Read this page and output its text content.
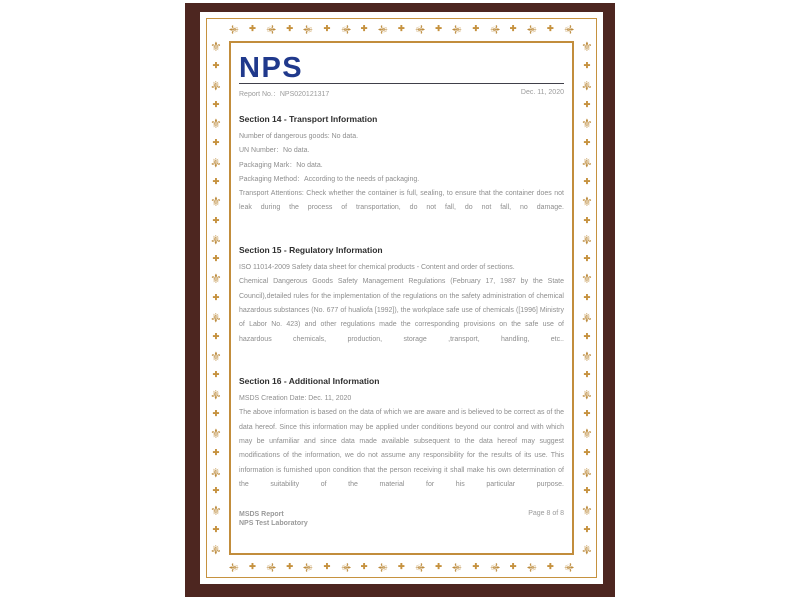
⚜ ✚ ⚜ ✚ ⚜ ✚ ⚜ ✚ ⚜ ✚ ⚜ ✚ ⚜ ✚ ⚜ ✚ ⚜ ✚ ⚜
⚜ ✚ ⚜ ✚ ⚜ ✚ ⚜ ✚ ⚜ ✚ ⚜ ✚ ⚜ ✚ ⚜ ✚ ⚜ ✚ ⚜
⚜
✚
⚜
✚
⚜
✚
⚜
✚
⚜
✚
⚜
✚
⚜
✚
⚜
✚
⚜
✚
⚜
✚
⚜
✚
⚜
✚
⚜
✚
⚜
⚜
✚
⚜
✚
⚜
✚
⚜
✚
⚜
✚
⚜
✚
⚜
✚
⚜
✚
⚜
✚
⚜
✚
⚜
✚
⚜
✚
⚜
✚
⚜
NPS
Report No.：NPS020121317	Dec. 11, 2020
Section 14 - Transport Information
Number of dangerous goods: No data.
UN Number：No data.
Packaging Mark：No data.
Packaging Method：According to the needs of packaging.
Transport Attentions: Check whether the container is full, sealing, to ensure that the container does not leak during the process of transportation, do not fall, do not fall, no damage.
Section 15 - Regulatory Information
ISO 11014-2009 Safety data sheet for chemical products - Content and order of sections.
Chemical Dangerous Goods Safety Management Regulations (February 17, 1987 by the State Council),detailed rules for the implementation of the regulations on the safety administration of chemical hazardous substances (No. 677 of hualiofa [1992]), the workplace safe use of chemicals ([1996] Ministry of Labor No. 423) and other regulations made the corresponding provisions on the safe use of hazardous chemicals, production, storage ,transport, handling, etc..
Section 16 - Additional Information
MSDS Creation Date: Dec. 11, 2020
The above information is based on the data of which we are aware and is believed to be correct as of the data hereof. Since this information may be applied under conditions beyond our control and with which may be unfamiliar and since data made available subsequent to the data hereof may suggest modifications of the information, we do not assume any responsibility for the results of its use. This information is furnished upon condition that the person receiving it shall make his own determination of the suitability of the material for his particular purpose.
MSDS Report
NPS Test Laboratory
Page 8 of 8
